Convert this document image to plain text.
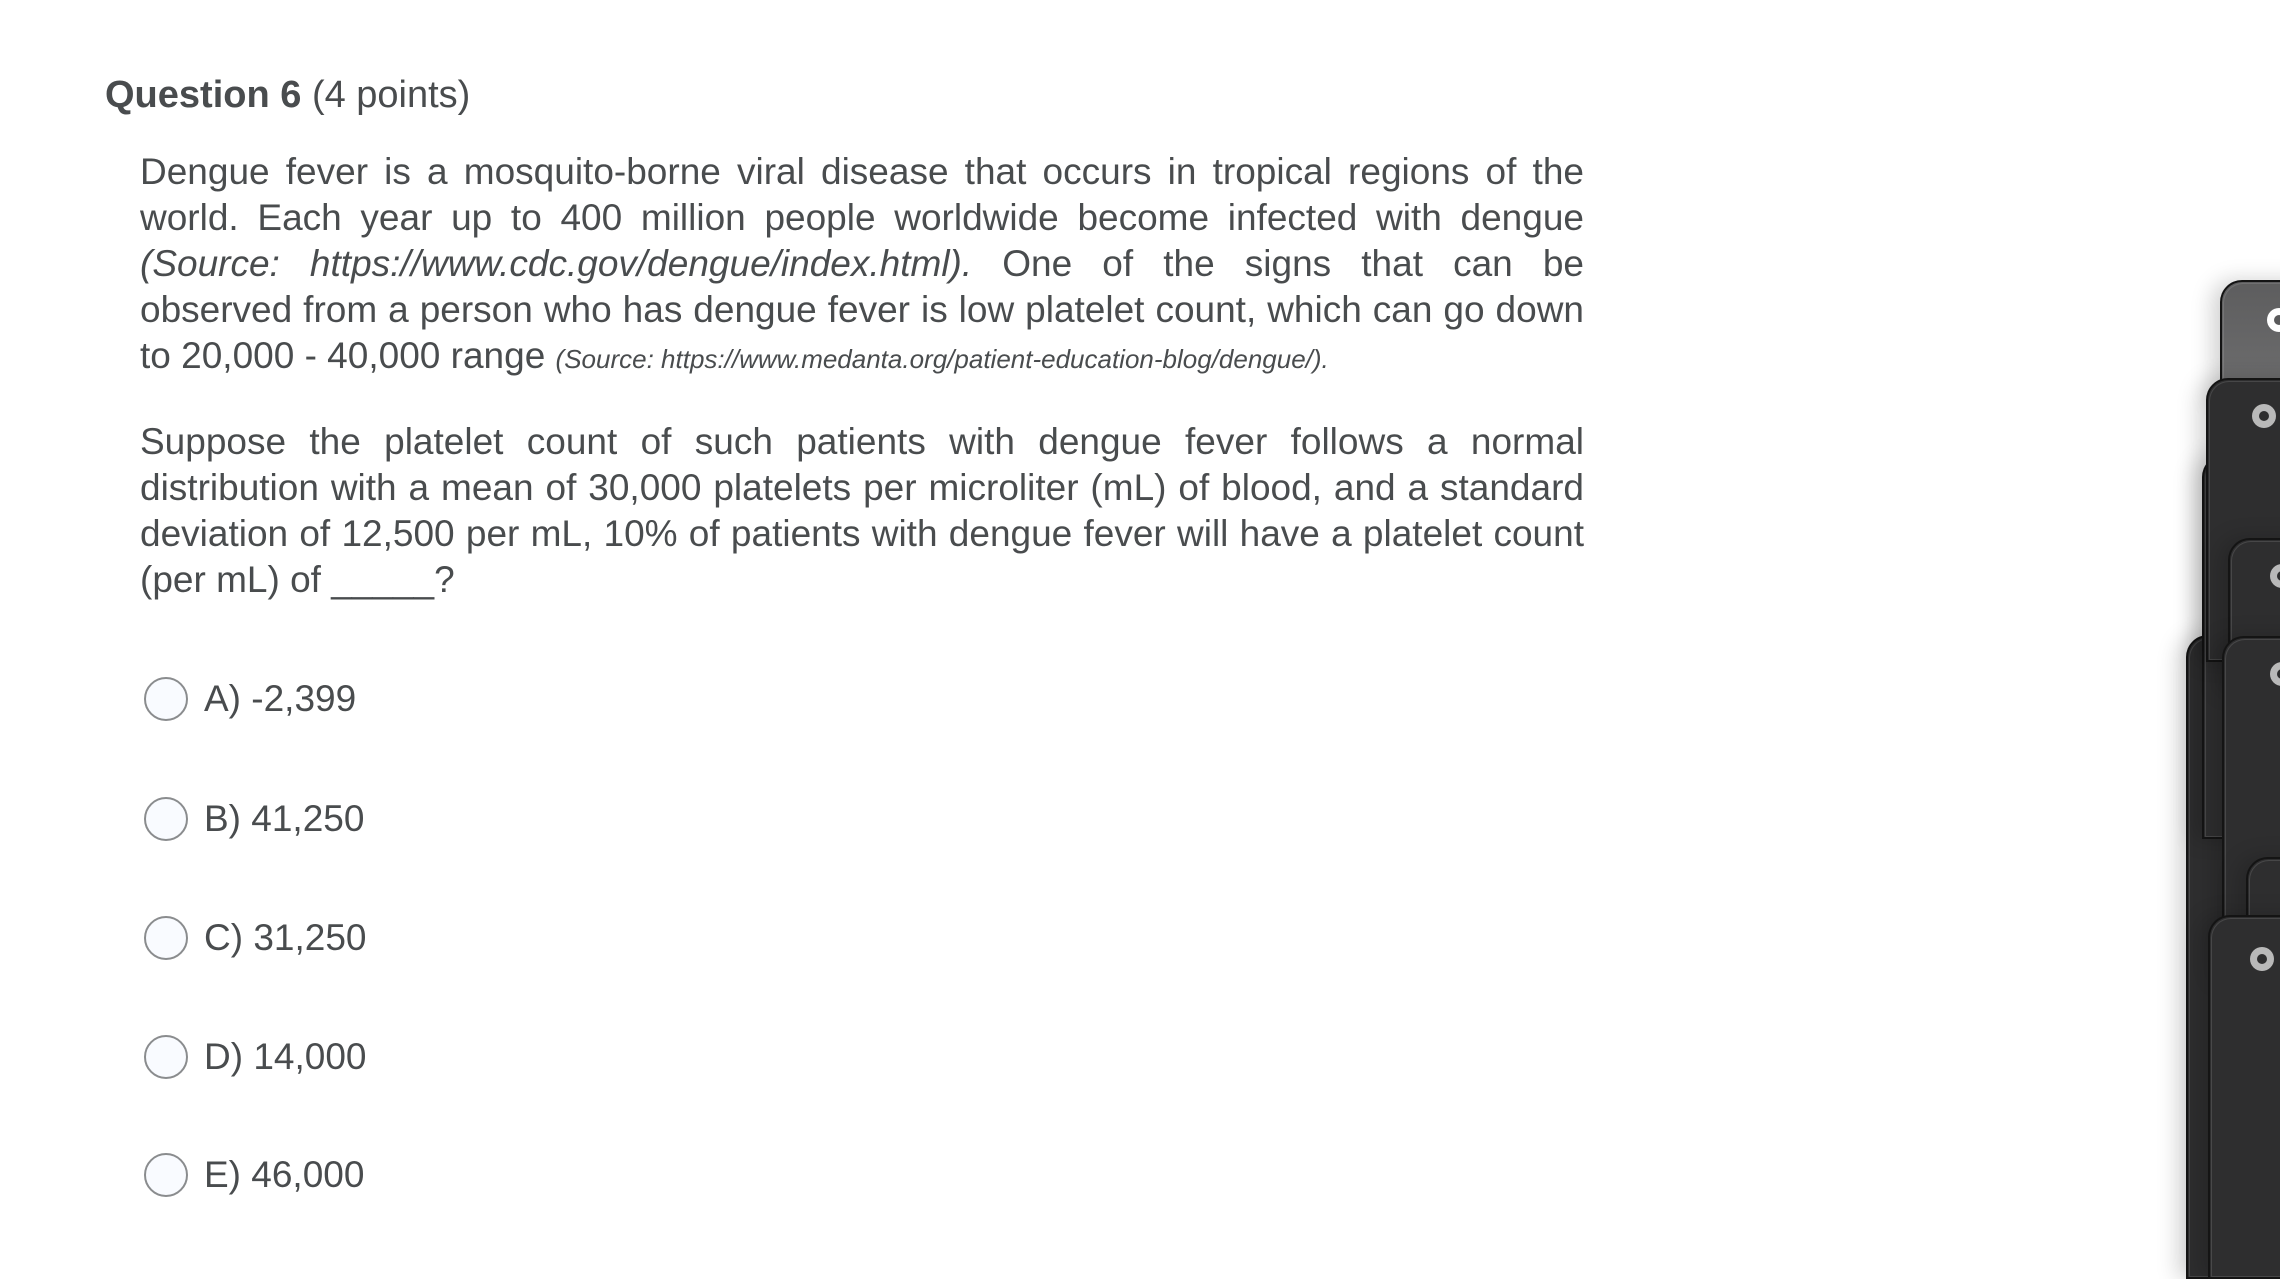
Question 6 (4 points)

Dengue fever is a mosquito-borne viral disease that occurs in tropical regions of the world. Each year up to 400 million people worldwide become infected with dengue (Source: https://www.cdc.gov/dengue/index.html). One of the signs that can be observed from a person who has dengue fever is low platelet count, which can go down to 20,000 - 40,000 range (Source: https://www.medanta.org/patient-education-blog/dengue/).

Suppose the platelet count of such patients with dengue fever follows a normal distribution with a mean of 30,000 platelets per microliter (mL) of blood, and a standard deviation of 12,500 per mL, 10% of patients with dengue fever will have a platelet count (per mL) of _____?

A) -2,399
B) 41,250
C) 31,250
D) 14,000
E) 46,000
